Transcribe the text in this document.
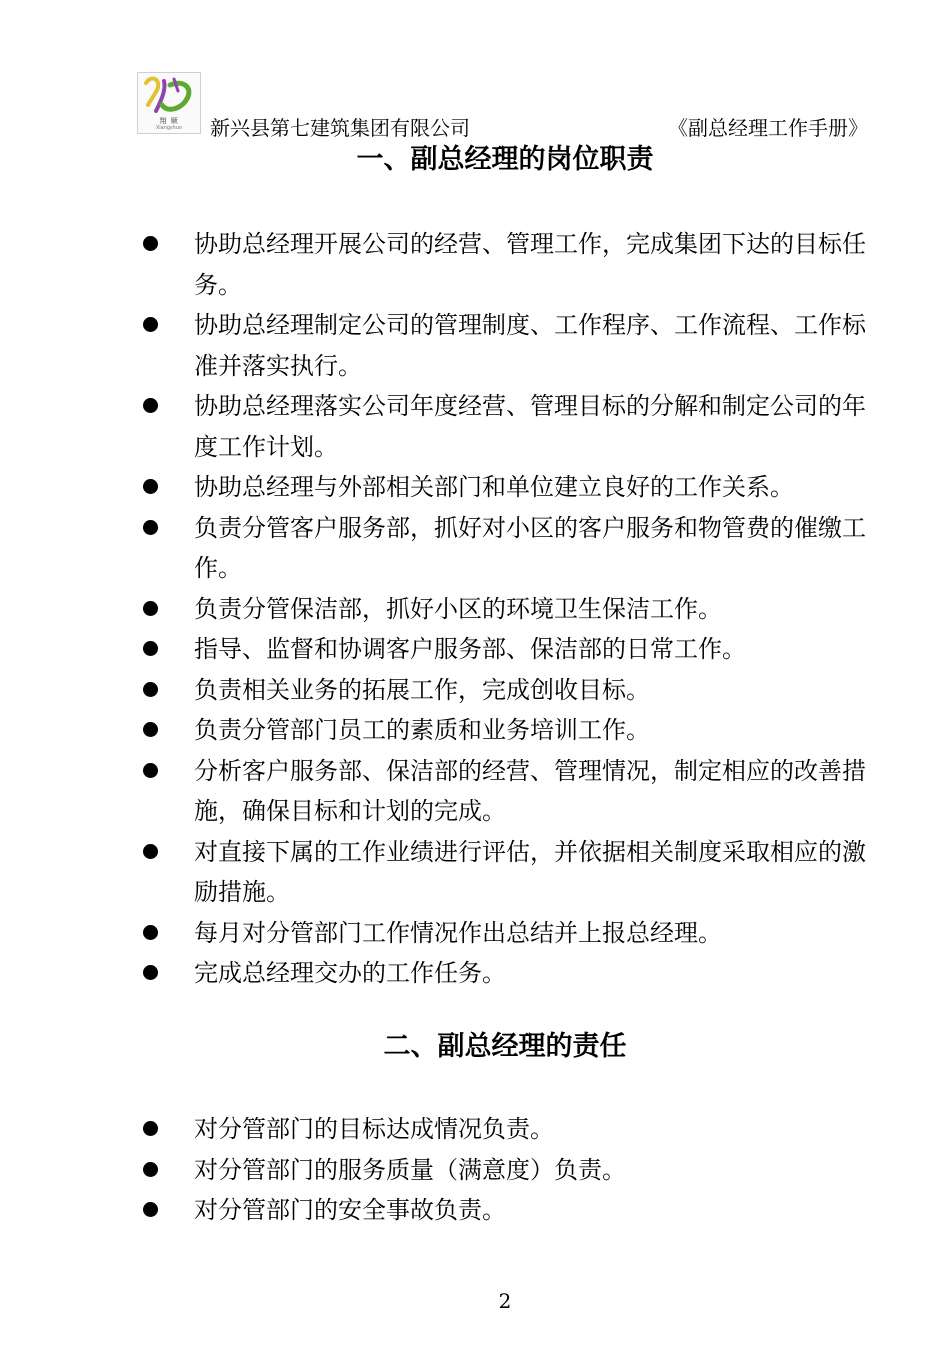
翔 顺
Xiangshun	新兴县第七建筑集团有限公司	《副总经理工作手册》
一、副总经理的岗位职责
协助总经理开展公司的经营、管理工作，完成集团下达的目标任务。
协助总经理制定公司的管理制度、工作程序、工作流程、工作标准并落实执行。
协助总经理落实公司年度经营、管理目标的分解和制定公司的年度工作计划。
协助总经理与外部相关部门和单位建立良好的工作关系。
负责分管客户服务部，抓好对小区的客户服务和物管费的催缴工作。
负责分管保洁部，抓好小区的环境卫生保洁工作。
指导、监督和协调客户服务部、保洁部的日常工作。
负责相关业务的拓展工作，完成创收目标。
负责分管部门员工的素质和业务培训工作。
分析客户服务部、保洁部的经营、管理情况，制定相应的改善措施，确保目标和计划的完成。
对直接下属的工作业绩进行评估，并依据相关制度采取相应的激励措施。
每月对分管部门工作情况作出总结并上报总经理。
完成总经理交办的工作任务。
二、副总经理的责任
对分管部门的目标达成情况负责。
对分管部门的服务质量（满意度）负责。
对分管部门的安全事故负责。
2
